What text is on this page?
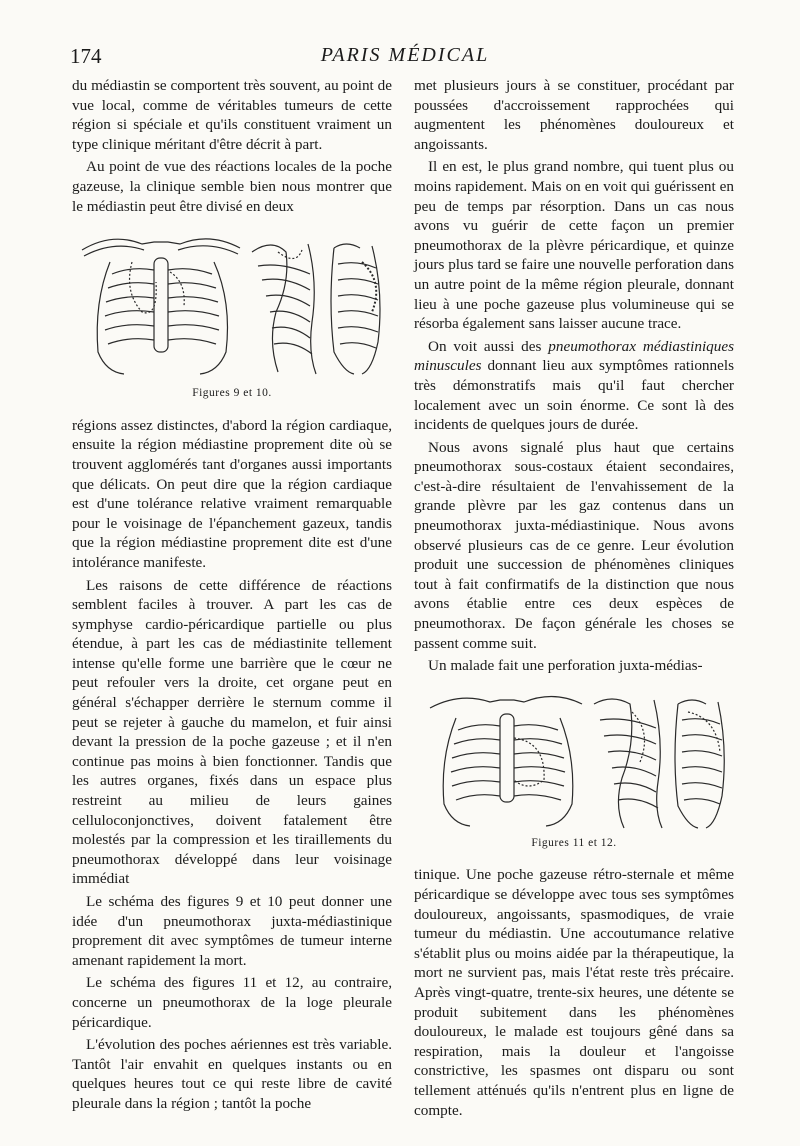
174	PARIS MÉDICAL

du médiastin se comportent très souvent, au point de vue local, comme de véritables tumeurs de cette région si spéciale et qu'ils constituent vraiment un type clinique méritant d'être décrit à part.

Au point de vue des réactions locales de la poche gazeuse, la clinique semble bien nous montrer que le médiastin peut être divisé en deux

Figures 9 et 10.

régions assez distinctes, d'abord la région cardiaque, ensuite la région médiastine proprement dite où se trouvent agglomérés tant d'organes aussi importants que délicats. On peut dire que la région cardiaque est d'une tolérance relative vraiment remarquable pour le voisinage de l'épanchement gazeux, tandis que la région médiastine proprement dite est d'une intolérance manifeste.

Les raisons de cette différence de réactions semblent faciles à trouver. A part les cas de symphyse cardio-péricardique partielle ou plus étendue, à part les cas de médiastinite tellement intense qu'elle forme une barrière que le cœur ne peut refouler vers la droite, cet organe peut en général s'échapper derrière le sternum comme il peut se rejeter à gauche du mamelon, et fuir ainsi devant la pression de la poche gazeuse ; et il n'en continue pas moins à bien fonctionner. Tandis que les autres organes, fixés dans un espace plus restreint au milieu de leurs gaines celluloconjonctives, doivent fatalement être molestés par la compression et les tiraillements du pneumothorax développé dans leur voisinage immédiat

Le schéma des figures 9 et 10 peut donner une idée d'un pneumothorax juxta-médiastinique proprement dit avec symptômes de tumeur interne amenant rapidement la mort.

Le schéma des figures 11 et 12, au contraire, concerne un pneumothorax de la loge pleurale péricardique.

L'évolution des poches aériennes est très variable. Tantôt l'air envahit en quelques instants ou en quelques heures tout ce qui reste libre de cavité pleurale dans la région ; tantôt la poche

met plusieurs jours à se constituer, procédant par poussées d'accroissement rapprochées qui augmentent les phénomènes douloureux et angoissants.

Il en est, le plus grand nombre, qui tuent plus ou moins rapidement. Mais on en voit qui guérissent en peu de temps par résorption. Dans un cas nous avons vu guérir de cette façon un premier pneumothorax de la plèvre péricardique, et quinze jours plus tard se faire une nouvelle perforation dans un autre point de la même région pleurale, donnant lieu à une poche gazeuse plus volumineuse qui se résorba également sans laisser aucune trace.

On voit aussi des pneumothorax médiastiniques minuscules donnant lieu aux symptômes rationnels très démonstratifs mais qu'il faut chercher localement avec un soin énorme. Ce sont là des incidents de quelques jours de durée.

Nous avons signalé plus haut que certains pneumothorax sous-costaux étaient secondaires, c'est-à-dire résultaient de l'envahissement de la grande plèvre par les gaz contenus dans un pneumothorax juxta-médiastinique. Nous avons observé plusieurs cas de ce genre. Leur évolution produit une succession de phénomènes cliniques tout à fait confirmatifs de la distinction que nous avons établie entre ces deux espèces de pneumothorax. De façon générale les choses se passent comme suit.

Un malade fait une perforation juxta-médias-

Figures 11 et 12.

tinique. Une poche gazeuse rétro-sternale et même péricardique se développe avec tous ses symptômes douloureux, angoissants, spasmodiques, de vraie tumeur du médiastin. Une accoutumance relative s'établit plus ou moins aidée par la thérapeutique, la mort ne survient pas, mais l'état reste très précaire. Après vingt-quatre, trente-six heures, une détente se produit subitement dans les phénomènes douloureux, le malade est toujours gêné dans sa respiration, mais la douleur et l'angoisse constrictive, les spasmes ont disparu ou sont tellement atténués qu'ils n'entrent plus en ligne de compte.
